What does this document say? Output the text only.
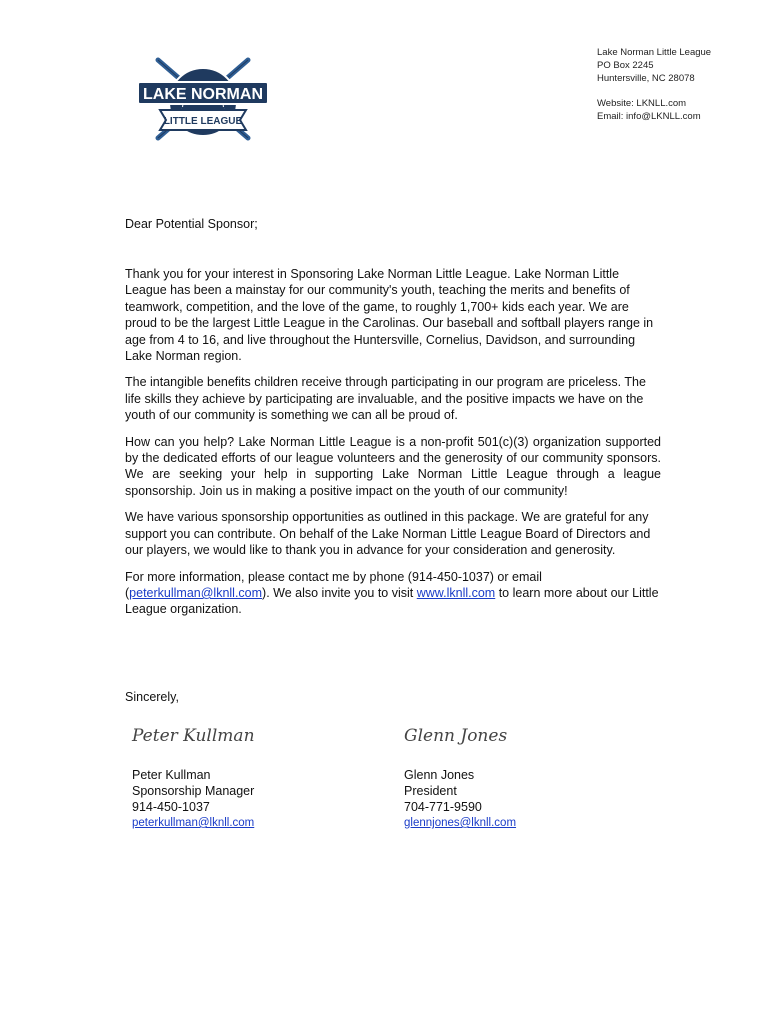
LAKE NORMAN
LITTLE LEAGUE
Lake Norman Little League
PO Box 2245
Huntersville, NC 28078
Website: LKNLL.com
Email: info@LKNLL.com
Dear Potential Sponsor;

Thank you for your interest in Sponsoring Lake Norman Little League. Lake Norman Little League has been a mainstay for our community's youth, teaching the merits and benefits of teamwork, competition, and the love of the game, to roughly 1,700+ kids each year. We are proud to be the largest Little League in the Carolinas. Our baseball and softball players range in age from 4 to 16, and live throughout the Huntersville, Cornelius, Davidson, and surrounding Lake Norman region.

The intangible benefits children receive through participating in our program are priceless. The life skills they achieve by participating are invaluable, and the positive impacts we have on the youth of our community is something we can all be proud of.

How can you help? Lake Norman Little League is a non-profit 501(c)(3) organization supported by the dedicated efforts of our league volunteers and the generosity of our community sponsors. We are seeking your help in supporting Lake Norman Little League through a league sponsorship. Join us in making a positive impact on the youth of our community!

We have various sponsorship opportunities as outlined in this package. We are grateful for any support you can contribute. On behalf of the Lake Norman Little League Board of Directors and our players, we would like to thank you in advance for your consideration and generosity.

For more information, please contact me by phone (914-450-1037) or email (peterkullman@lknll.com). We also invite you to visit www.lknll.com to learn more about our Little League organization.

Sincerely,
Peter Kullman	Glenn Jones
Peter Kullman
Sponsorship Manager
914-450-1037
peterkullman@lknll.com
Glenn Jones
President
704-771-9590
glennjones@lknll.com
